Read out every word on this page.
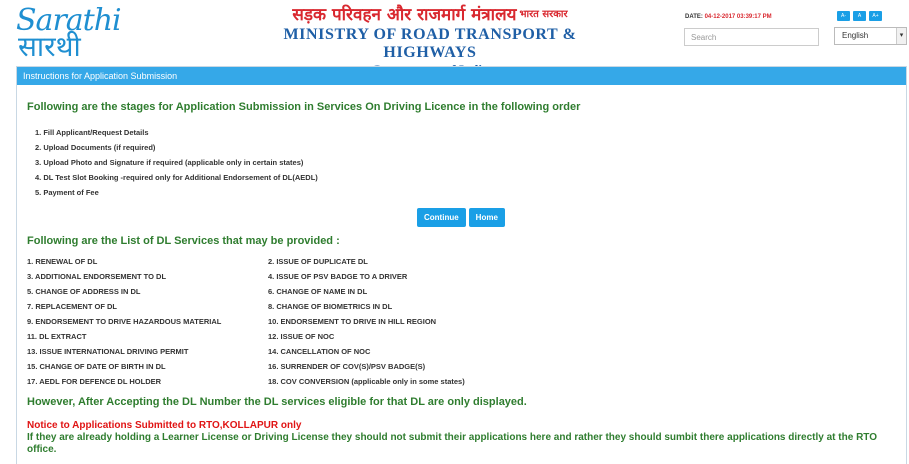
Sarathi
सारथी
सड़क परिवहन और राजमार्ग मंत्रालय $^{भारत सरकार}$
MINISTRY OF ROAD TRANSPORT & HIGHWAYS
DATE: 04-12-2017 03:39:17 PM	A-	A	A+
Search
English	▾
Instructions for Application Submission
Following are the stages for Application Submission in Services On Driving Licence in the following order
1. Fill Applicant/Request Details
2. Upload Documents (if required)
3. Upload Photo and Signature if required (applicable only in certain states)
4. DL Test Slot Booking -required only for Additional Endorsement of DL(AEDL)
5. Payment of Fee
Continue	Home
Following are the List of DL Services that may be provided :
1. RENEWAL OF DL	2. ISSUE OF DUPLICATE DL
3. ADDITIONAL ENDORSEMENT TO DL	4. ISSUE OF PSV BADGE TO A DRIVER
5. CHANGE OF ADDRESS IN DL	6. CHANGE OF NAME IN DL
7. REPLACEMENT OF DL	8. CHANGE OF BIOMETRICS IN DL
9. ENDORSEMENT TO DRIVE HAZARDOUS MATERIAL	10. ENDORSEMENT TO DRIVE IN HILL REGION
11. DL EXTRACT	12. ISSUE OF NOC
13. ISSUE INTERNATIONAL DRIVING PERMIT	14. CANCELLATION OF NOC
15. CHANGE OF DATE OF BIRTH IN DL	16. SURRENDER OF COV(S)/PSV BADGE(S)
17. AEDL FOR DEFENCE DL HOLDER	18. COV CONVERSION (applicable only in some states)
However, After Accepting the DL Number the DL services eligible for that DL are only displayed.
Notice to Applications Submitted to RTO,KOLLAPUR only
If they are already holding a Learner License or Driving License they should not submit their applications here and rather they should sumbit there applications directly at the RTO office.
